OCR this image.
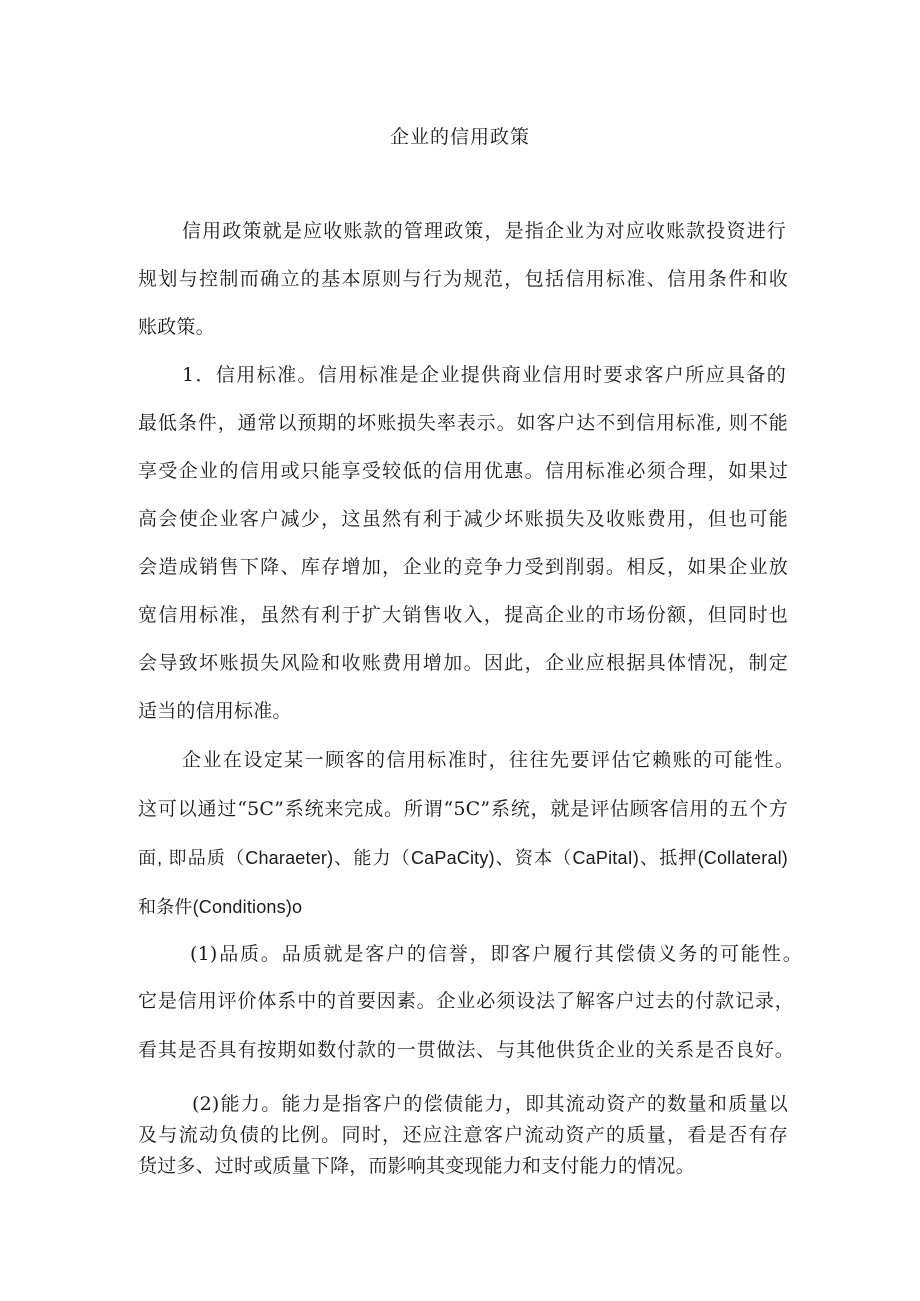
企业的信用政策
信用政策就是应收账款的管理政策，是指企业为对应收账款投资进行
规划与控制而确立的基本原则与行为规范，包括信用标准、信用条件和收
账政策。
1．信用标准。信用标准是企业提供商业信用时要求客户所应具备的
最低条件，通常以预期的坏账损失率表示。如客户达不到信用标准, 则不能
享受企业的信用或只能享受较低的信用优惠。信用标准必须合理，如果过
高会使企业客户减少，这虽然有利于减少坏账损失及收账费用，但也可能
会造成销售下降、库存增加，企业的竞争力受到削弱。相反，如果企业放
宽信用标准，虽然有利于扩大销售收入，提高企业的市场份额，但同时也
会导致坏账损失风险和收账费用增加。因此，企业应根据具体情况，制定
适当的信用标准。
企业在设定某一顾客的信用标准时，往往先要评估它赖账的可能性。
这可以通过“5C”系统来完成。所谓“5C”系统，就是评估顾客信用的五个方
面, 即品质（Charaeter)、能力（CaPaCity)、资本（CaPitaI)、抵押(Collateral)
和条件(Conditions)o
(1)品质。品质就是客户的信誉，即客户履行其偿债义务的可能性。
它是信用评价体系中的首要因素。企业必须设法了解客户过去的付款记录，
看其是否具有按期如数付款的一贯做法、与其他供货企业的关系是否良好。
(2)能力。能力是指客户的偿债能力，即其流动资产的数量和质量以
及与流动负债的比例。同时，还应注意客户流动资产的质量，看是否有存
货过多、过时或质量下降，而影响其变现能力和支付能力的情况。
